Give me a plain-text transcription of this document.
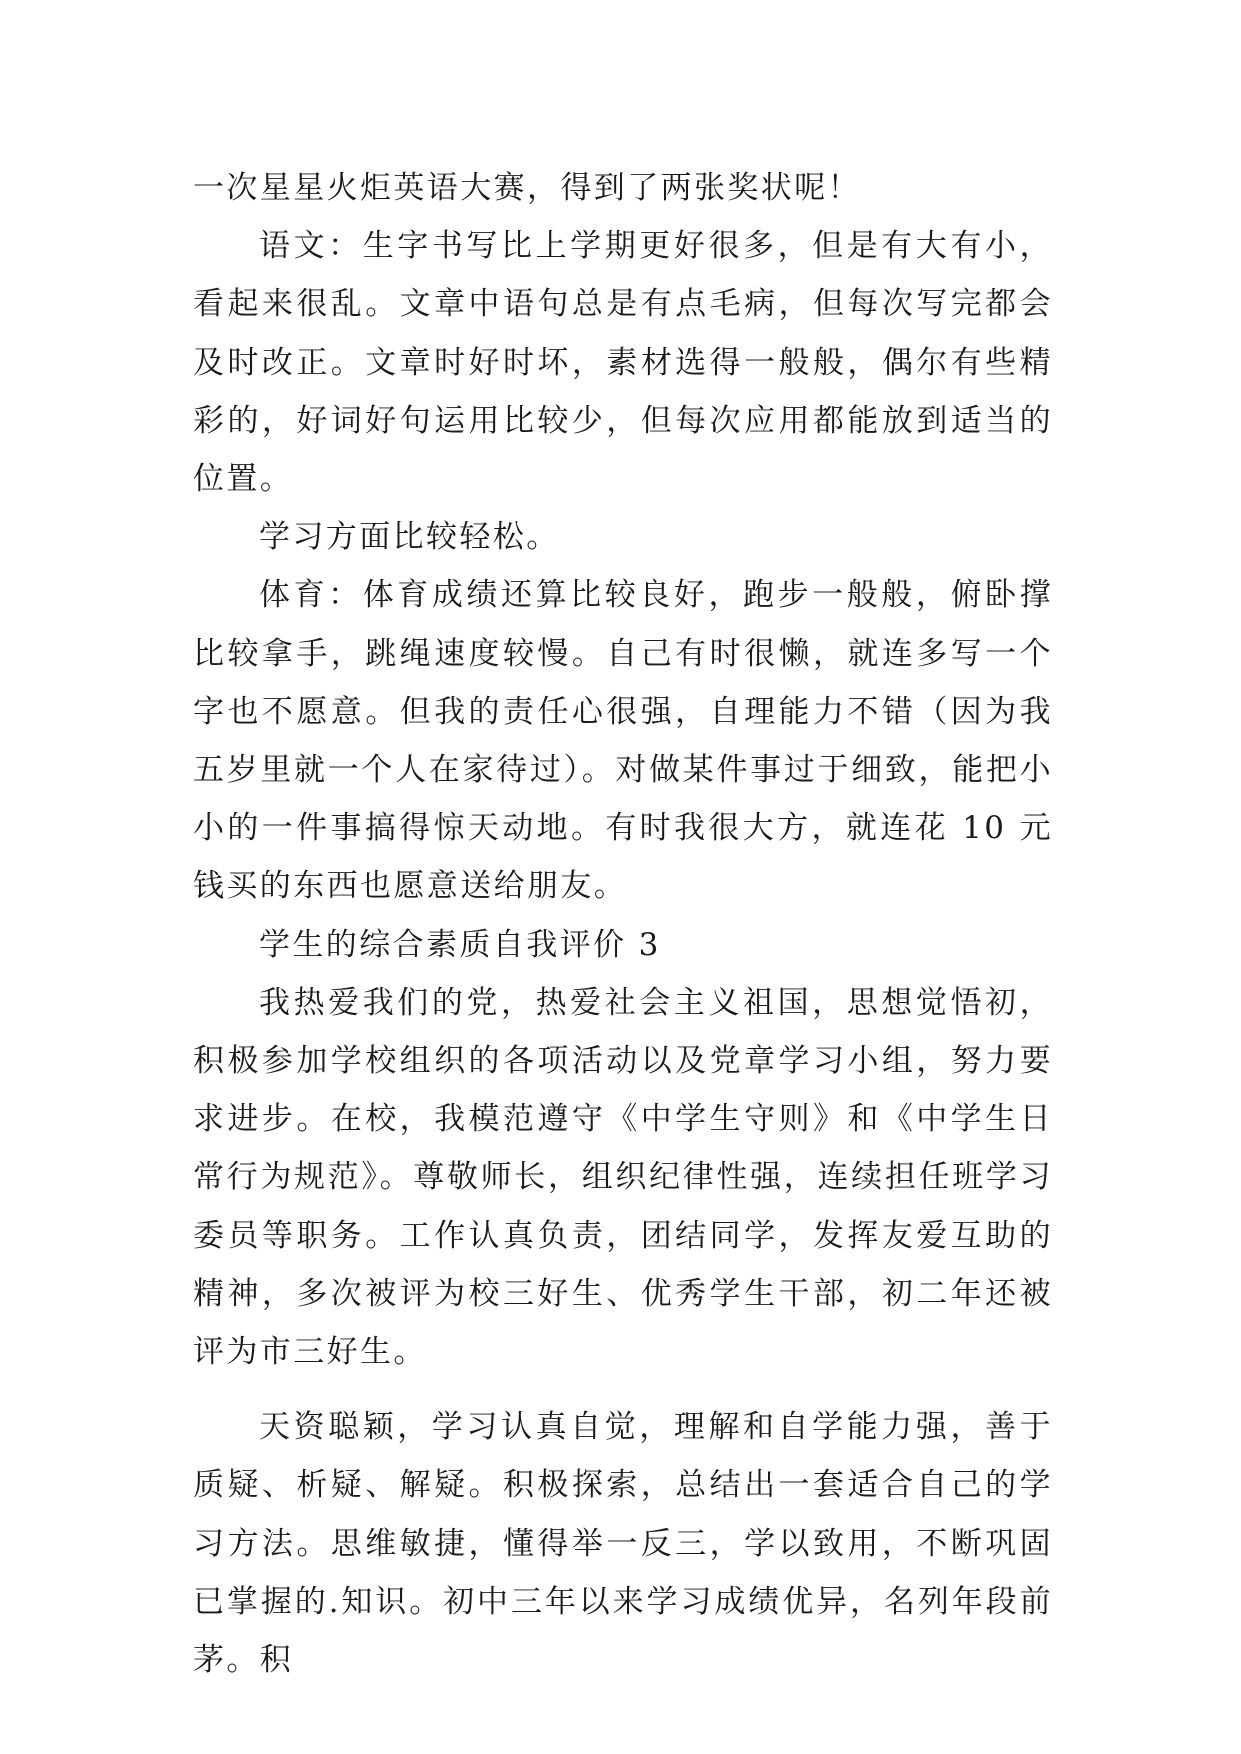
一次星星火炬英语大赛，得到了两张奖状呢！

语文：生字书写比上学期更好很多，但是有大有小，看起来很乱。文章中语句总是有点毛病，但每次写完都会及时改正。文章时好时坏，素材选得一般般，偶尔有些精彩的，好词好句运用比较少，但每次应用都能放到适当的位置。

学习方面比较轻松。

体育：体育成绩还算比较良好，跑步一般般，俯卧撑比较拿手，跳绳速度较慢。自己有时很懒，就连多写一个字也不愿意。但我的责任心很强，自理能力不错（因为我五岁里就一个人在家待过）。对做某件事过于细致，能把小小的一件事搞得惊天动地。有时我很大方，就连花 10 元钱买的东西也愿意送给朋友。

学生的综合素质自我评价 3

我热爱我们的党，热爱社会主义祖国，思想觉悟初，积极参加学校组织的各项活动以及党章学习小组，努力要求进步。在校，我模范遵守《中学生守则》和《中学生日常行为规范》。尊敬师长，组织纪律性强，连续担任班学习委员等职务。工作认真负责，团结同学，发挥友爱互助的精神，多次被评为校三好生、优秀学生干部，初二年还被评为市三好生。

天资聪颖，学习认真自觉，理解和自学能力强，善于质疑、析疑、解疑。积极探索，总结出一套适合自己的学习方法。思维敏捷，懂得举一反三，学以致用，不断巩固已掌握的.知识。初中三年以来学习成绩优异，名列年段前茅。积
